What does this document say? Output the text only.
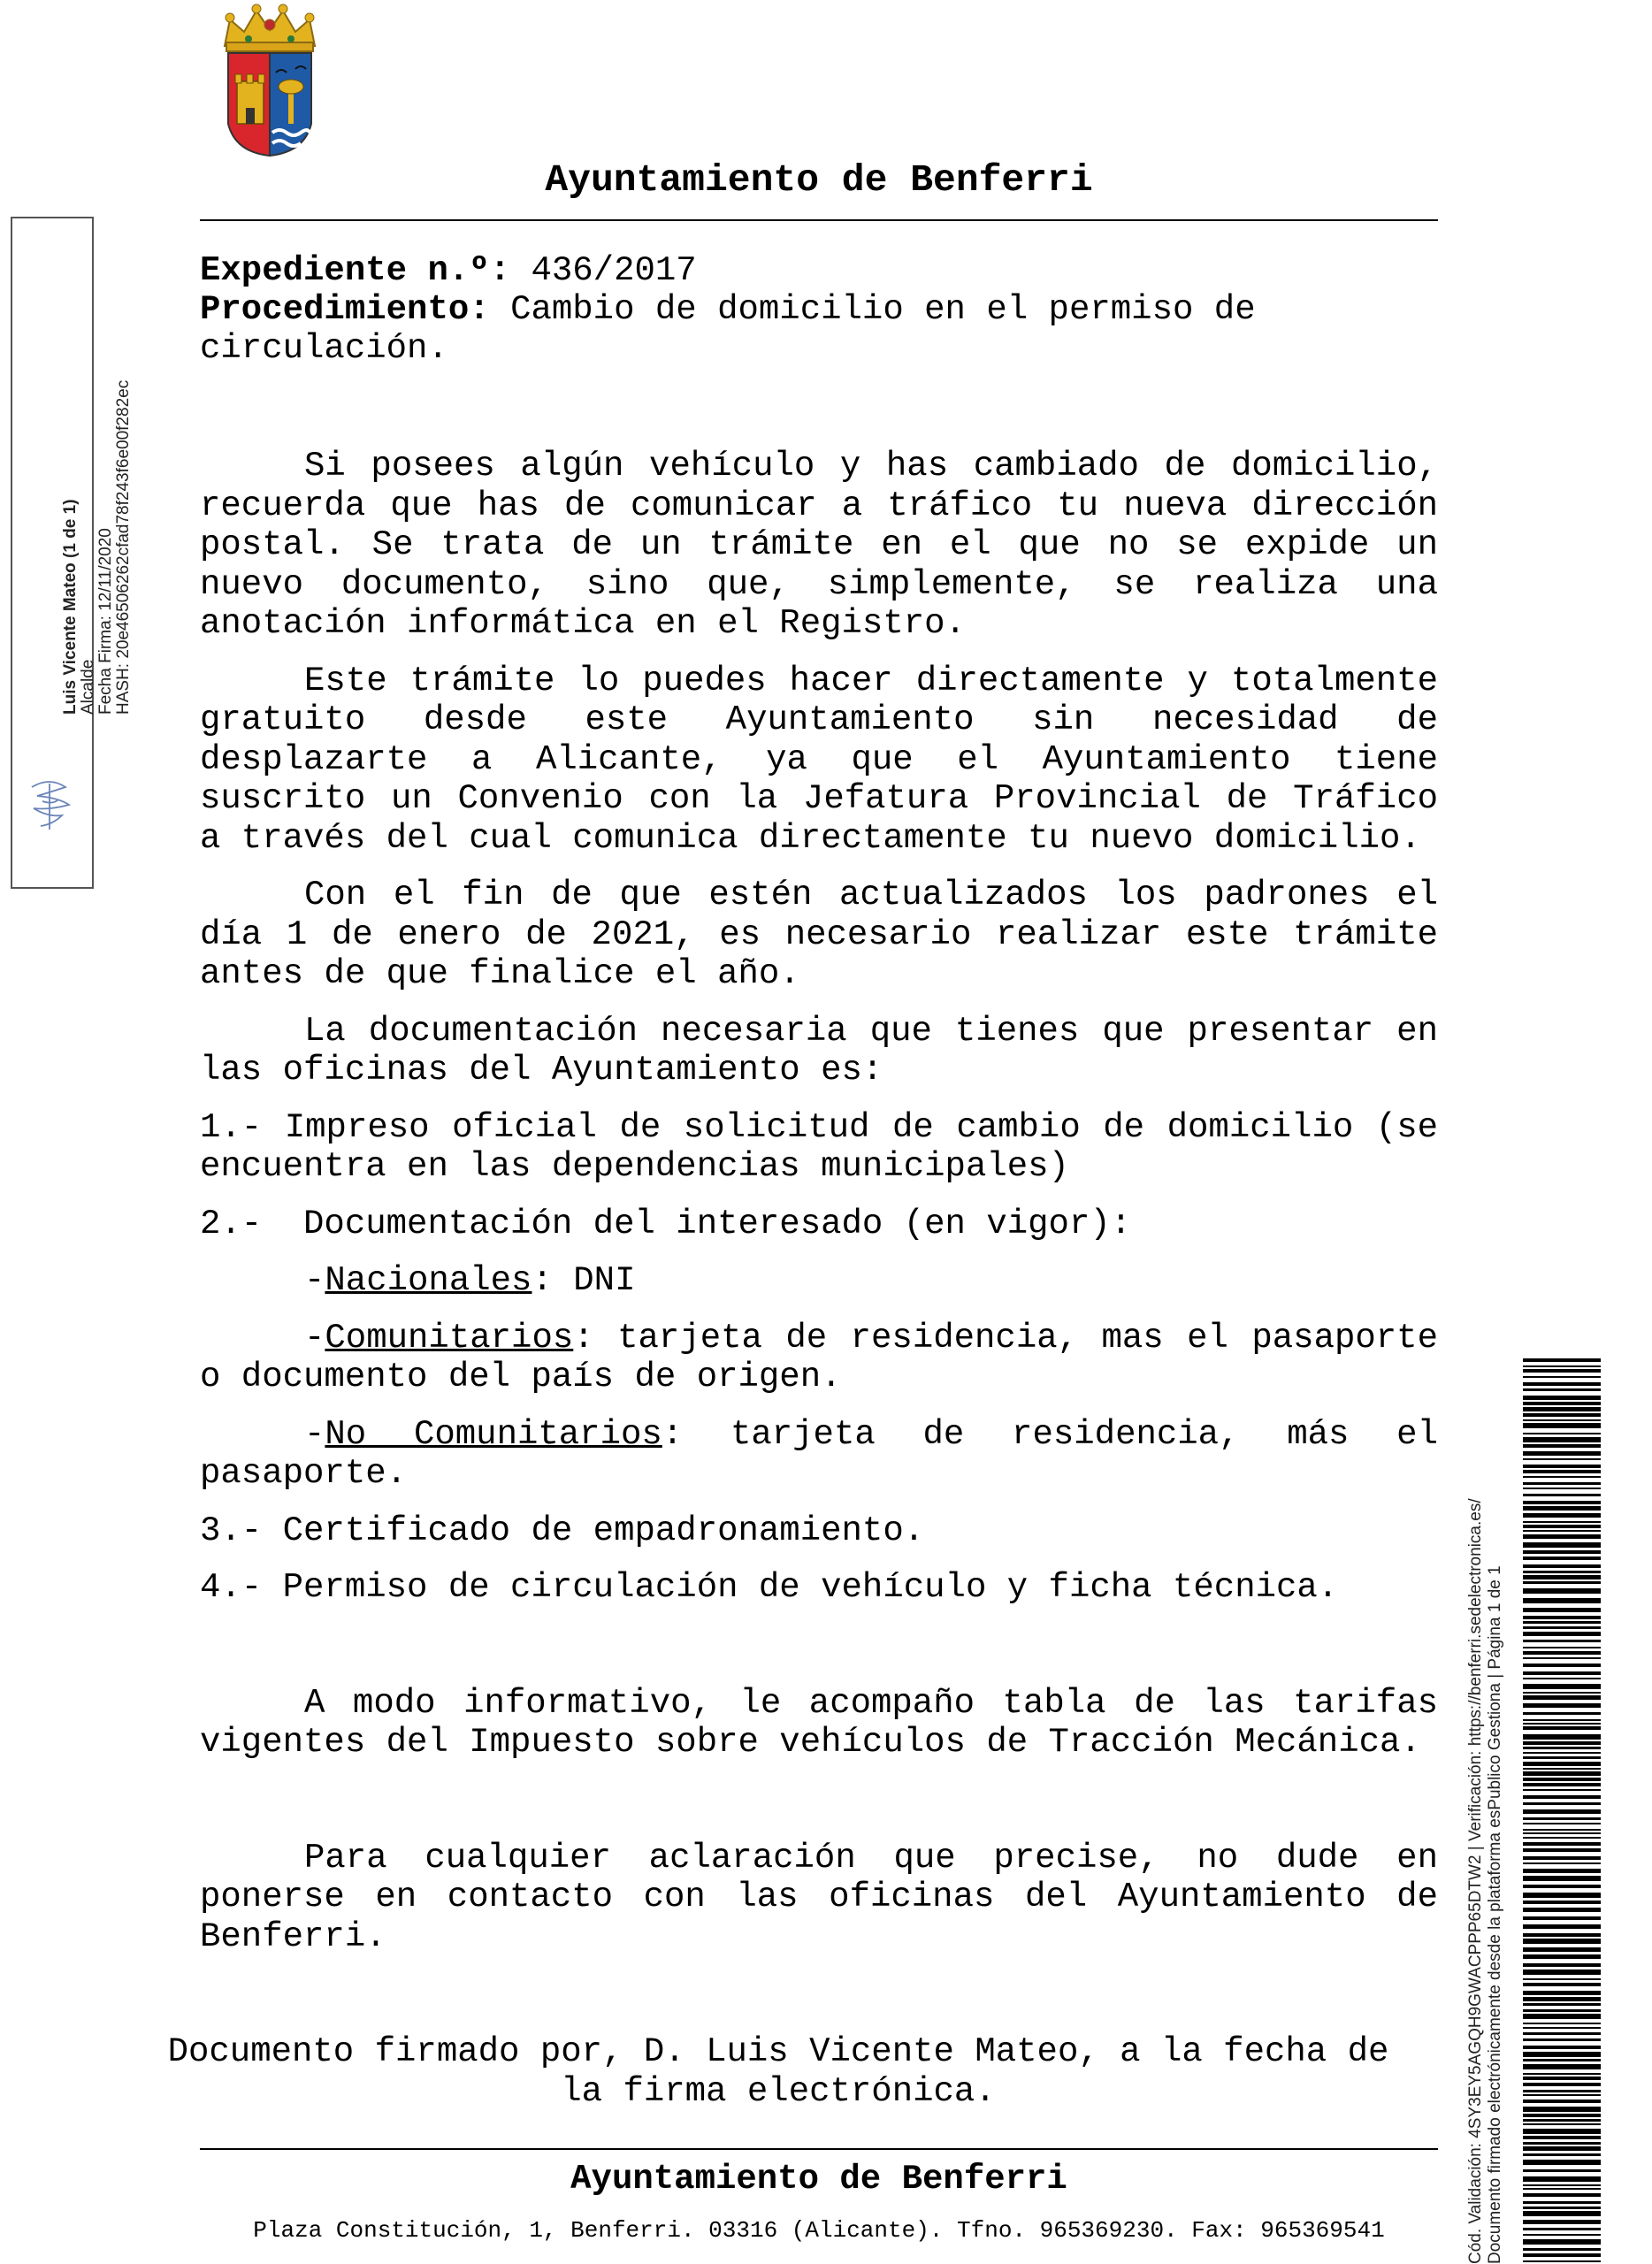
Ayuntamiento de Benferri
Expediente n.º: 436/2017
Procedimiento: Cambio de domicilio en el permiso de circulación.

Si posees algún vehículo y has cambiado de domicilio, recuerda que has de comunicar a tráfico tu nueva dirección postal. Se trata de un trámite en el que no se expide un nuevo documento, sino que, simplemente, se realiza una anotación informática en el Registro.

Este trámite lo puedes hacer directamente y totalmente gratuito desde este Ayuntamiento sin necesidad de desplazarte a Alicante, ya que el Ayuntamiento tiene suscrito un Convenio con la Jefatura Provincial de Tráfico a través del cual comunica directamente tu nuevo domicilio.

Con el fin de que estén actualizados los padrones el día 1 de enero de 2021, es necesario realizar este trámite antes de que finalice el año.

La documentación necesaria que tienes que presentar en las oficinas del Ayuntamiento es:

1.- Impreso oficial de solicitud de cambio de domicilio (se encuentra en las dependencias municipales)

2.-  Documentación del interesado (en vigor):

-Nacionales: DNI

-Comunitarios: tarjeta de residencia, mas el pasaporte o documento del país de origen.

-No Comunitarios: tarjeta de residencia, más el pasaporte.

3.- Certificado de empadronamiento.

4.- Permiso de circulación de vehículo y ficha técnica.

A modo informativo, le acompaño tabla de las tarifas vigentes del Impuesto sobre vehículos de Tracción Mecánica.

Para cualquier aclaración que precise, no dude en ponerse en contacto con las oficinas del Ayuntamiento de Benferri.

Documento firmado por, D. Luis Vicente Mateo, a la fecha de la firma electrónica.

Ayuntamiento de Benferri
Plaza Constitución, 1, Benferri. 03316 (Alicante). Tfno. 965369230. Fax: 965369541
Luis Vicente Mateo (1 de 1) Alcalde Fecha Firma: 12/11/2020 HASH: 20e46506262cfad78f243f6e00f282ec
Cód. Validación: 4SY3EY5AGQH9GWACPPP65DTW2 | Verificación: https://benferri.sedelectronica.es/ Documento firmado electrónicamente desde la plataforma esPublico Gestiona | Página 1 de 1
